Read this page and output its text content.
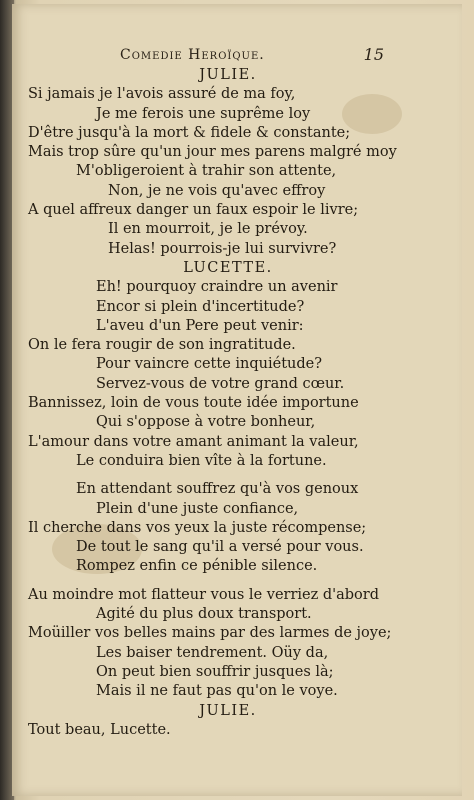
Comedie Heroïque.	15
JULIE.
Si jamais je l'avois assuré de ma foy,
Je me ferois une suprême loy
D'être jusqu'à la mort & fidele & constante;
Mais trop sûre qu'un jour mes parens malgré moy
M'obligeroient à trahir son attente,
Non, je ne vois qu'avec effroy
A quel affreux danger un faux espoir le livre;
Il en mourroit, je le prévoy.
Helas! pourrois-je lui survivre?
LUCETTE.
Eh! pourquoy craindre un avenir
Encor si plein d'incertitude?
L'aveu d'un Pere peut venir:
On le fera rougir de son ingratitude.
Pour vaincre cette inquiétude?
Servez-vous de votre grand cœur.
Bannissez, loin de vous toute idée importune
Qui s'oppose à votre bonheur,
L'amour dans votre amant animant la valeur,
Le conduira bien vîte à la fortune.
En attendant souffrez qu'à vos genoux
Plein d'une juste confiance,
Il cherche dans vos yeux la juste récompense;
De tout le sang qu'il a versé pour vous.
Rompez enfin ce pénible silence.
Au moindre mot flatteur vous le verriez d'abord
Agité du plus doux transport.
Moüiller vos belles mains par des larmes de joye;
Les baiser tendrement. Oüy da,
On peut bien souffrir jusques là;
Mais il ne faut pas qu'on le voye.
JULIE.
Tout beau, Lucette.
